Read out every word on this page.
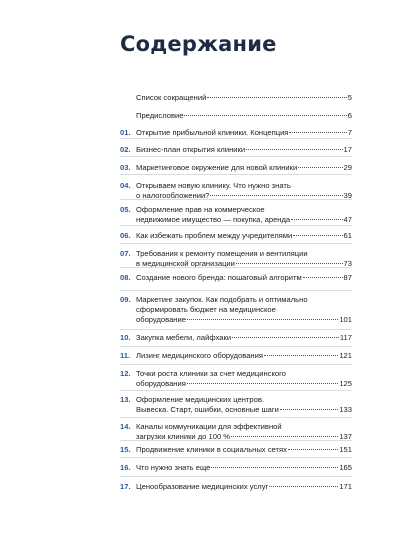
Содержание
Список сокращений	5
Предисловие	6
01. Открытие прибыльной клиники. Концепция	7
02. Бизнес-план открытия клиники	17
03. Маркетинговое окружение для новой клиники	29
04. Открываем новую клинику. Что нужно знать
о налогообложении?	39
05. Оформление прав на коммерческое
недвижимое имущество — покупка, аренда	47
06. Как избежать проблем между учредителями	61
07. Требования к ремонту помещения и вентиляции
в медицинской организации	73
08. Создание нового бренда: пошаговый алгоритм	87
09. Маркетинг закупок. Как подобрать и оптимально
сформировать бюджет на медицинское
оборудование	101
10. Закупка мебели, лайфхаки	117
11. Лизинг медицинского оборудования	121
12. Точки роста клиники за счет медицинского
оборудования	125
13. Оформление медицинских центров.
Вывеска. Старт, ошибки, основные шаги	133
14. Каналы коммуникации для эффективной
загрузки клиники до 100 %	137
15. Продвижение клиники в социальных сетях	151
16. Что нужно знать еще	165
17. Ценообразование медицинских услуг	171
